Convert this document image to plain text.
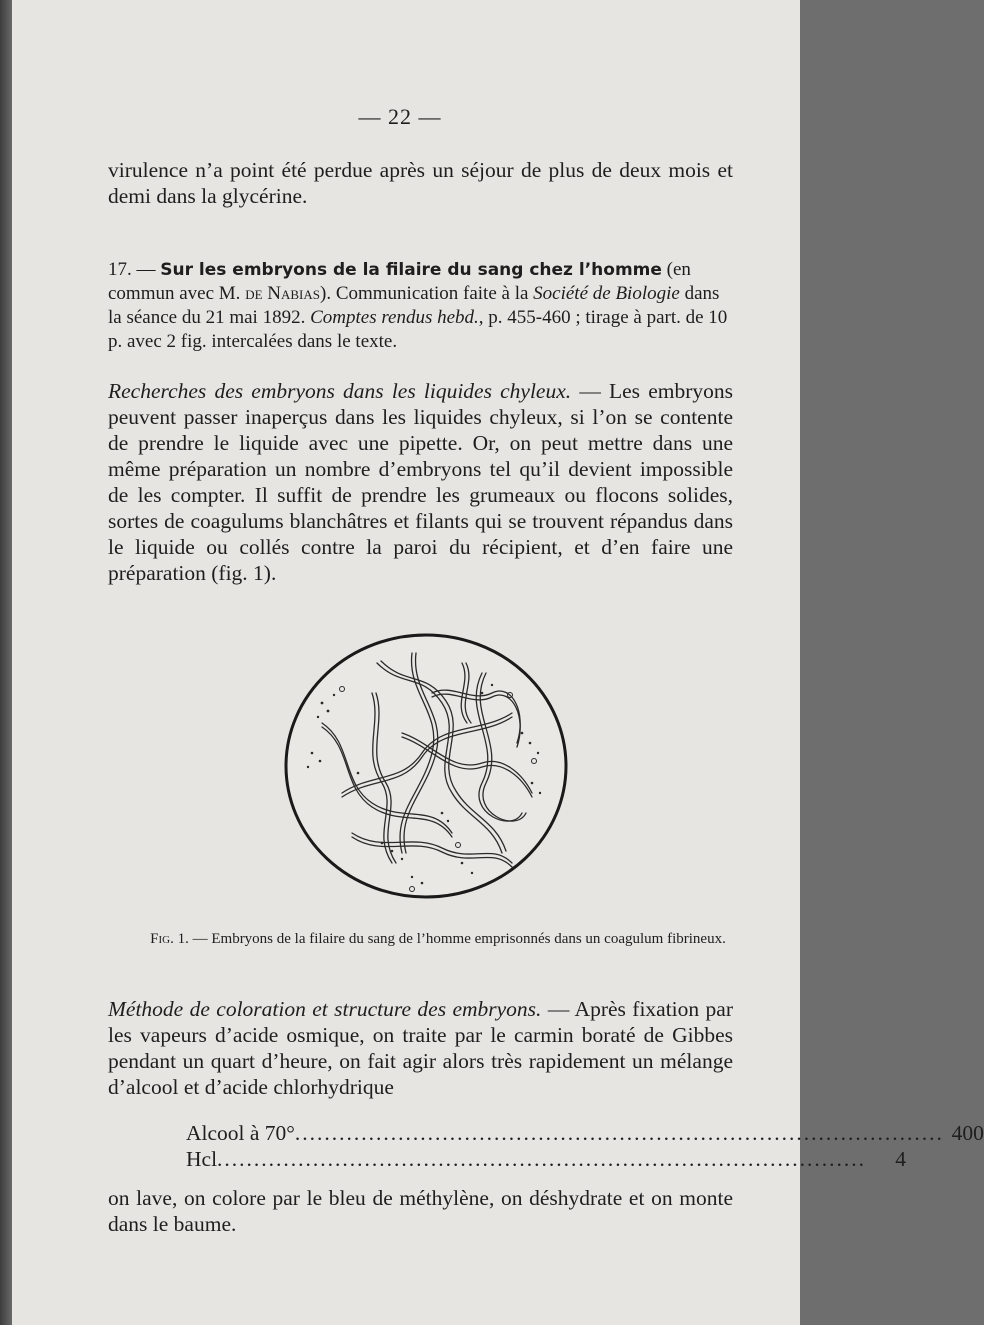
— 22 —
virulence n’a point été perdue après un séjour de plus de deux mois et demi dans la glycérine.
17. — Sur les embryons de la filaire du sang chez l’homme (en commun avec M. de Nabias). Communication faite à la Société de Biologie dans la séance du 21 mai 1892. Comptes rendus hebd., p. 455-460 ; tirage à part. de 10 p. avec 2 fig. intercalées dans le texte.
Recherches des embryons dans les liquides chyleux. — Les embryons peuvent passer inaperçus dans les liquides chyleux, si l’on se contente de prendre le liquide avec une pipette. Or, on peut mettre dans une même préparation un nombre d’embryons tel qu’il devient impossible de les compter. Il suffit de prendre les grumeaux ou flocons solides, sortes de coagulums blanchâtres et filants qui se trouvent répandus dans le liquide ou collés contre la paroi du récipient, et d’en faire une préparation (fig. 1).
Fig. 1. — Embryons de la filaire du sang de l’homme emprisonnés dans un coagulum fibrineux.
Méthode de coloration et structure des embryons. — Après fixation par les vapeurs d’acide osmique, on traite par le carmin boraté de Gibbes pendant un quart d’heure, on fait agir alors très rapidement un mélange d’alcool et d’acide chlorhydrique
Alcool à 70° ........................................................................................ 400
Hcl ........................................................................................	4
on lave, on colore par le bleu de méthylène, on déshydrate et on monte dans le baume.
